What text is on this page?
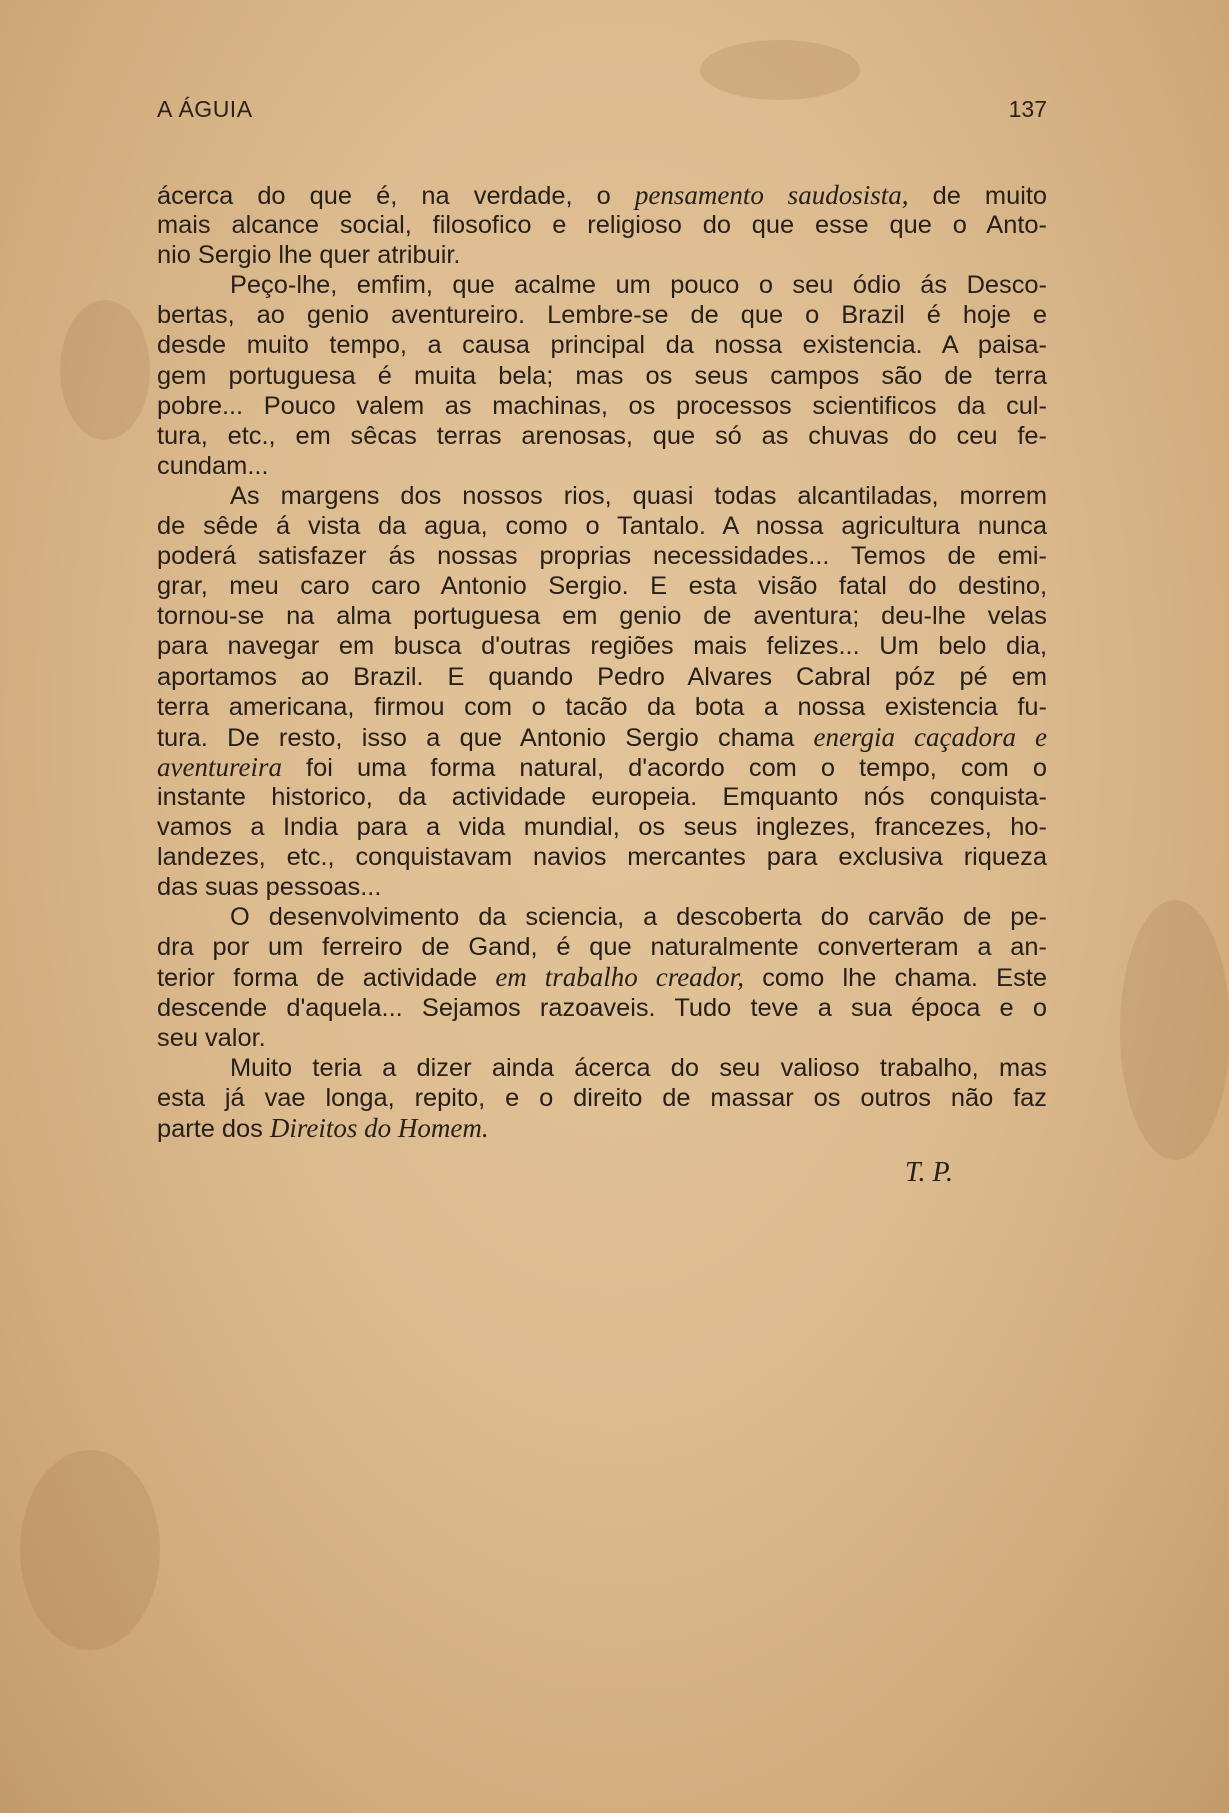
A ÁGUIA	137
ácerca do que é, na verdade, o pensamento saudosista, de muito
mais alcance social, filosofico e religioso do que esse que o Anto-
nio Sergio lhe quer atribuir.
Peço-lhe, emfim, que acalme um pouco o seu ódio ás Desco-
bertas, ao genio aventureiro. Lembre-se de que o Brazil é hoje e
desde muito tempo, a causa principal da nossa existencia. A paisa-
gem portuguesa é muita bela; mas os seus campos são de terra
pobre... Pouco valem as machinas, os processos scientificos da cul-
tura, etc., em sêcas terras arenosas, que só as chuvas do ceu fe-
cundam...
As margens dos nossos rios, quasi todas alcantiladas, morrem
de sêde á vista da agua, como o Tantalo. A nossa agricultura nunca
poderá satisfazer ás nossas proprias necessidades... Temos de emi-
grar, meu caro caro Antonio Sergio. E esta visão fatal do destino,
tornou-se na alma portuguesa em genio de aventura; deu-lhe velas
para navegar em busca d'outras regiões mais felizes... Um belo dia,
aportamos ao Brazil. E quando Pedro Alvares Cabral póz pé em
terra americana, firmou com o tacão da bota a nossa existencia fu-
tura. De resto, isso a que Antonio Sergio chama energia caçadora e
aventureira foi uma forma natural, d'acordo com o tempo, com o
instante historico, da actividade europeia. Emquanto nós conquista-
vamos a India para a vida mundial, os seus inglezes, francezes, ho-
landezes, etc., conquistavam navios mercantes para exclusiva riqueza
das suas pessoas...
O desenvolvimento da sciencia, a descoberta do carvão de pe-
dra por um ferreiro de Gand, é que naturalmente converteram a an-
terior forma de actividade em trabalho creador, como lhe chama. Este
descende d'aquela... Sejamos razoaveis. Tudo teve a sua época e o
seu valor.
Muito teria a dizer ainda ácerca do seu valioso trabalho, mas
esta já vae longa, repito, e o direito de massar os outros não faz
parte dos Direitos do Homem.
T. P.
